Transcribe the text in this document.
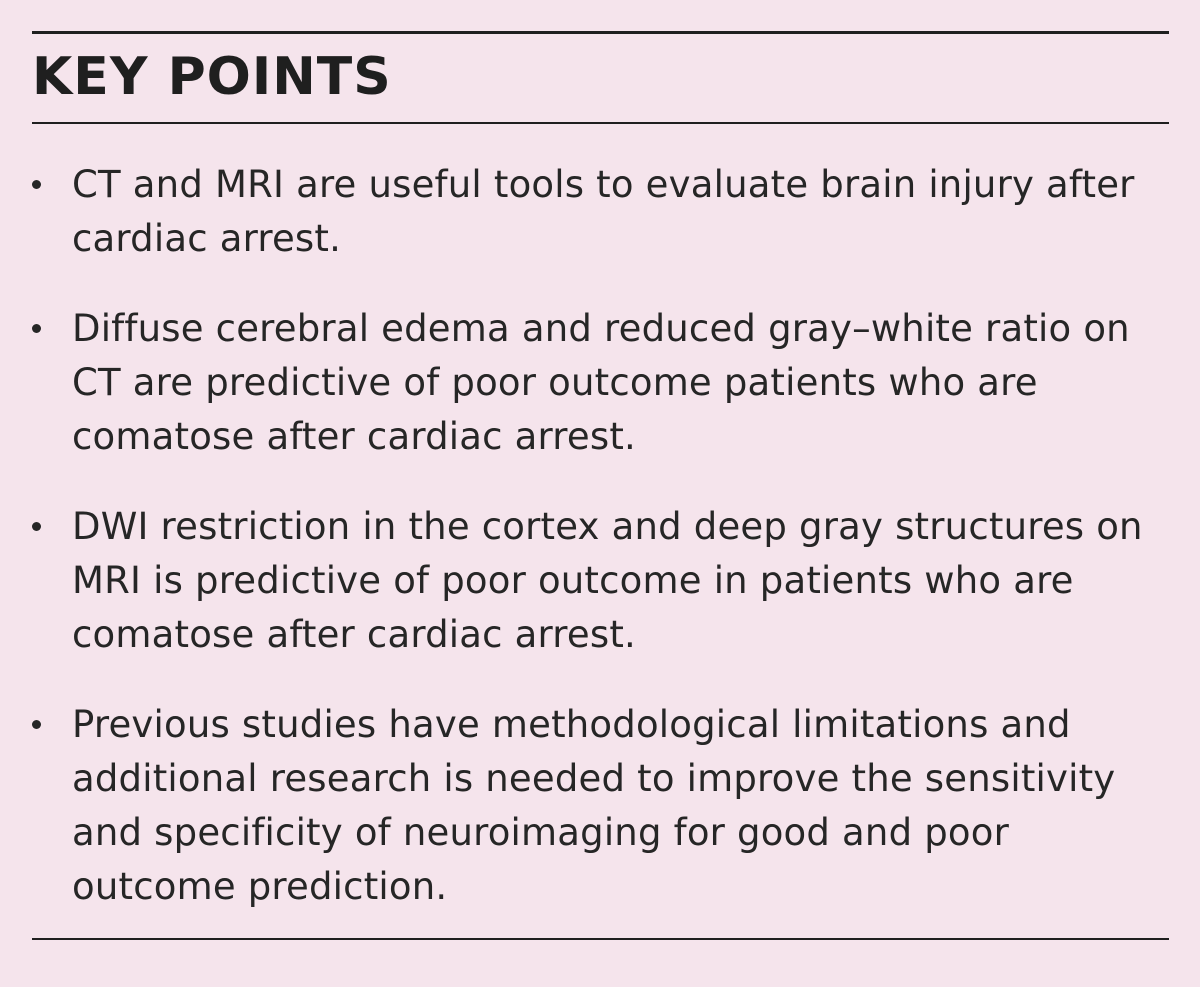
KEY POINTS
CT and MRI are useful tools to evaluate brain injury after cardiac arrest.
Diffuse cerebral edema and reduced gray–white ratio on CT are predictive of poor outcome patients who are comatose after cardiac arrest.
DWI restriction in the cortex and deep gray structures on MRI is predictive of poor outcome in patients who are comatose after cardiac arrest.
Previous studies have methodological limitations and additional research is needed to improve the sensitivity and specificity of neuroimaging for good and poor outcome prediction.
